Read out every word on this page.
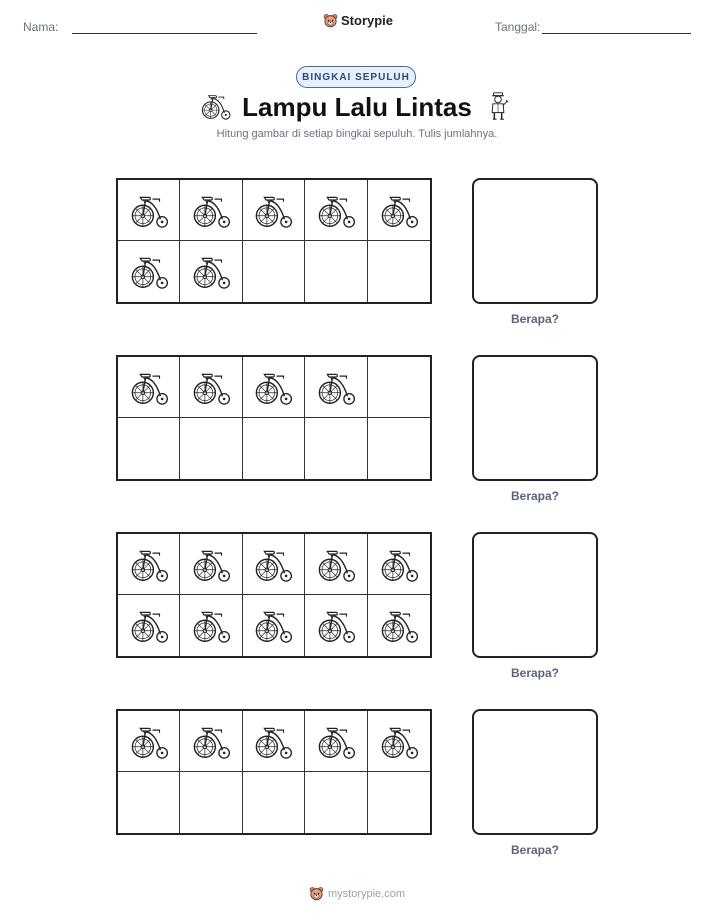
Nama:	Storypie	Tanggal:
BINGKAI SEPULUH
Lampu Lalu Lintas
Hitung gambar di setiap bingkai sepuluh. Tulis jumlahnya.
Berapa?
Berapa?
Berapa?
Berapa?
mystorypie.com
